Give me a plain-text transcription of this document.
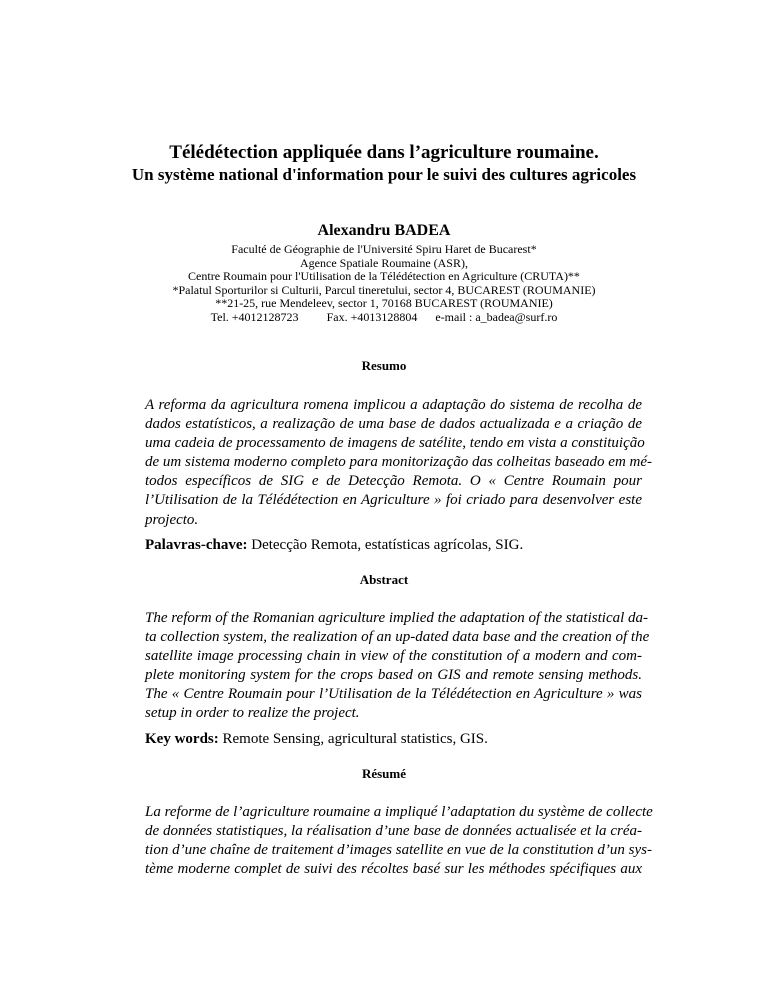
Télédétection appliquée dans l’agriculture roumaine.
Un système national d'information pour le suivi des cultures agricoles
Alexandru BADEA
Faculté de Géographie de l'Université Spiru Haret de Bucarest*
Agence Spatiale Roumaine (ASR),
Centre Roumain pour l'Utilisation de la Télédétection en Agriculture (CRUTA)**
*Palatul Sporturilor si Culturii, Parcul tineretului, sector 4, BUCAREST (ROUMANIE)
**21-25, rue Mendeleev, sector 1, 70168 BUCAREST (ROUMANIE)
Tel. +4012128723 Fax. +4013128804 e-mail : a_badea@surf.ro
Resumo
A reforma da agricultura romena implicou a adaptação do sistema de recolha de
dados estatísticos, a realização de uma base de dados actualizada e a criação de
uma cadeia de processamento de imagens de satélite, tendo em vista a constituição
de um sistema moderno completo para monitorização das colheitas baseado em mé-
todos específicos de SIG e de Detecção Remota. O « Centre Roumain pour
l’Utilisation de la Télédétection en Agriculture » foi criado para desenvolver este
projecto.
Palavras-chave: Detecção Remota, estatísticas agrícolas, SIG.
Abstract
The reform of the Romanian agriculture implied the adaptation of the statistical da-
ta collection system, the realization of an up-dated data base and the creation of the
satellite image processing chain in view of the constitution of a modern and com-
plete monitoring system for the crops based on GIS and remote sensing methods.
The « Centre Roumain pour l’Utilisation de la Télédétection en Agriculture » was
setup in order to realize the project.
Key words: Remote Sensing, agricultural statistics, GIS.
Résumé
La reforme de l’agriculture roumaine a impliqué l’adaptation du système de collecte
de données statistiques, la réalisation d’une base de données actualisée et la créa-
tion d’une chaîne de traitement d’images satellite en vue de la constitution d’un sys-
tème moderne complet de suivi des récoltes basé sur les méthodes spécifiques aux
